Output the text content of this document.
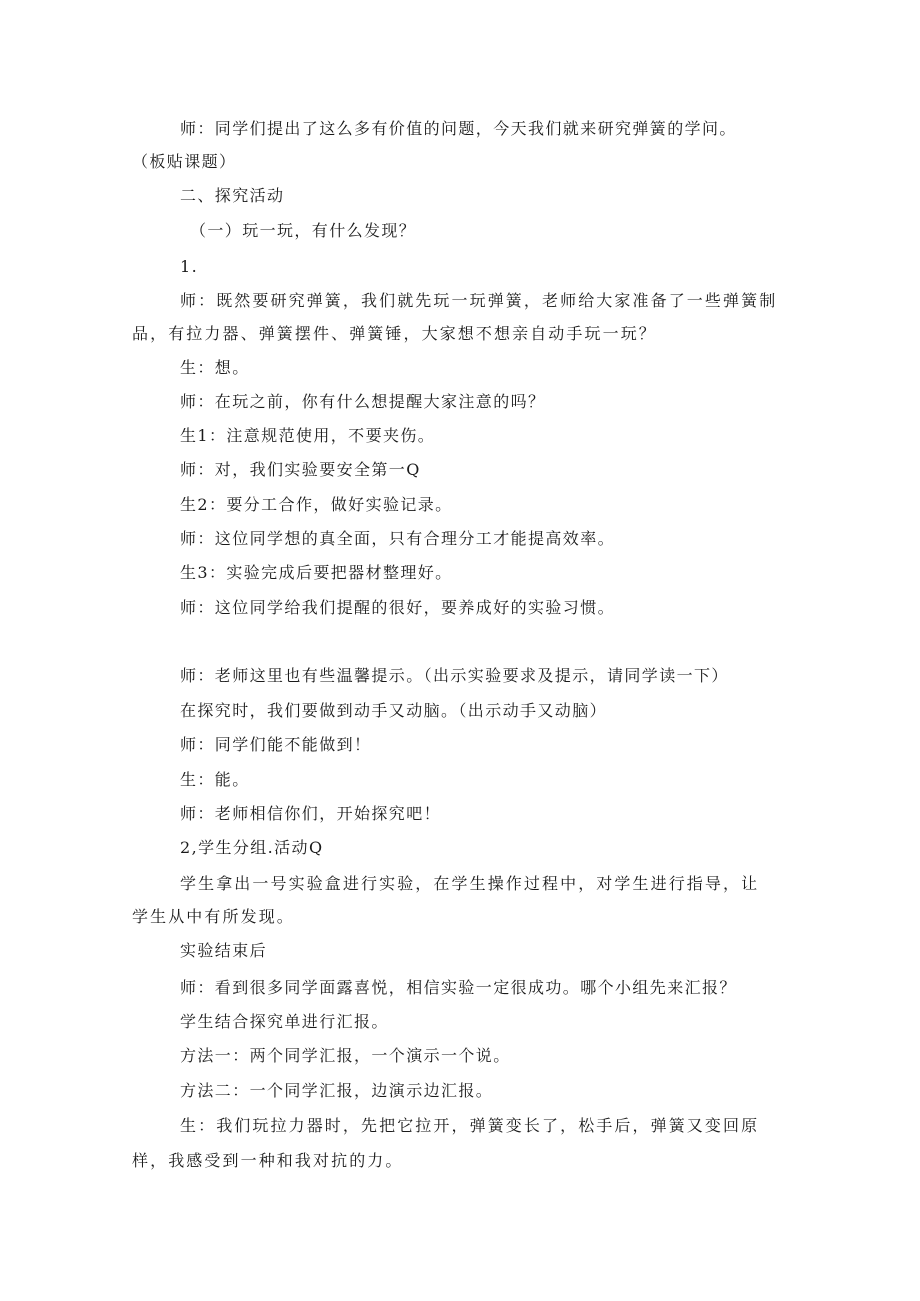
师：同学们提出了这么多有价值的问题，今天我们就来研究弹簧的学问。
（板贴课题）
二、探究活动
（一）玩一玩，有什么发现？
1.
师：既然要研究弹簧，我们就先玩一玩弹簧，老师给大家准备了一些弹簧制
品，有拉力器、弹簧摆件、弹簧锤，大家想不想亲自动手玩一玩？
生：想。
师：在玩之前，你有什么想提醒大家注意的吗？
生1：注意规范使用，不要夹伤。
师：对，我们实验要安全第一Q
生2：要分工合作，做好实验记录。
师：这位同学想的真全面，只有合理分工才能提高效率。
生3：实验完成后要把器材整理好。
师：这位同学给我们提醒的很好，要养成好的实验习惯。
师：老师这里也有些温馨提示。（出示实验要求及提示，请同学读一下）
在探究时，我们要做到动手又动脑。（出示动手又动脑）
师：同学们能不能做到！
生：能。
师：老师相信你们，开始探究吧！
2,学生分组.活动Q
学生拿出一号实验盒进行实验，在学生操作过程中，对学生进行指导，让
学生从中有所发现。
实验结束后
师：看到很多同学面露喜悦，相信实验一定很成功。哪个小组先来汇报？
学生结合探究单进行汇报。
方法一：两个同学汇报，一个演示一个说。
方法二：一个同学汇报，边演示边汇报。
生：我们玩拉力器时，先把它拉开，弹簧变长了，松手后，弹簧又变回原
样，我感受到一种和我对抗的力。
